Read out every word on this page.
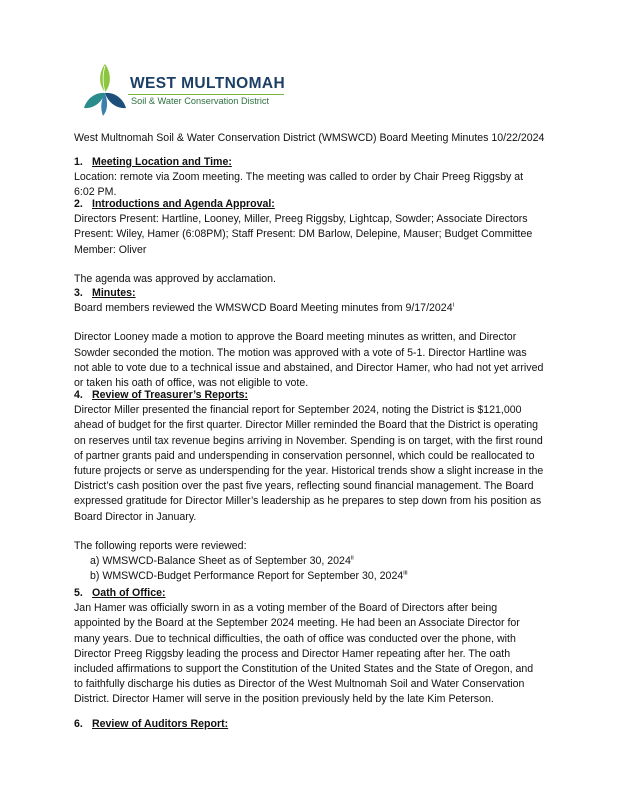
WEST MULTNOMAH
Soil & Water Conservation District
West Multnomah Soil & Water Conservation District (WMSWCD) Board Meeting Minutes 10/22/2024
1. Meeting Location and Time:

Location: remote via Zoom meeting. The meeting was called to order by Chair Preeg Riggsby at 6:02 PM.

2. Introductions and Agenda Approval:

Directors Present: Hartline, Looney, Miller, Preeg Riggsby, Lightcap, Sowder; Associate Directors Present: Wiley, Hamer (6:08PM); Staff Present: DM Barlow, Delepine, Mauser; Budget Committee Member: Oliver

The agenda was approved by acclamation.

3. Minutes:

Board members reviewed the WMSWCD Board Meeting minutes from 9/17/2024$^i$

Director Looney made a motion to approve the Board meeting minutes as written, and Director Sowder seconded the motion. The motion was approved with a vote of 5-1. Director Hartline was not able to vote due to a technical issue and abstained, and Director Hamer, who had not yet arrived or taken his oath of office, was not eligible to vote.

4. Review of Treasurer’s Reports:

Director Miller presented the financial report for September 2024, noting the District is $121,000 ahead of budget for the first quarter. Director Miller reminded the Board that the District is operating on reserves until tax revenue begins arriving in November. Spending is on target, with the first round of partner grants paid and underspending in conservation personnel, which could be reallocated to future projects or serve as underspending for the year. Historical trends show a slight increase in the District’s cash position over the past five years, reflecting sound financial management. The Board expressed gratitude for Director Miller’s leadership as he prepares to step down from his position as Board Director in January.

The following reports were reviewed:

a) WMSWCD-Balance Sheet as of September 30, 2024$^{ii}$
b) WMSWCD-Budget Performance Report for September 30, 2024$^{iii}$
5. Oath of Office:

Jan Hamer was officially sworn in as a voting member of the Board of Directors after being appointed by the Board at the September 2024 meeting. He had been an Associate Director for many years. Due to technical difficulties, the oath of office was conducted over the phone, with Director Preeg Riggsby leading the process and Director Hamer repeating after her. The oath included affirmations to support the Constitution of the United States and the State of Oregon, and to faithfully discharge his duties as Director of the West Multnomah Soil and Water Conservation District. Director Hamer will serve in the position previously held by the late Kim Peterson.

6. Review of Auditors Report:
